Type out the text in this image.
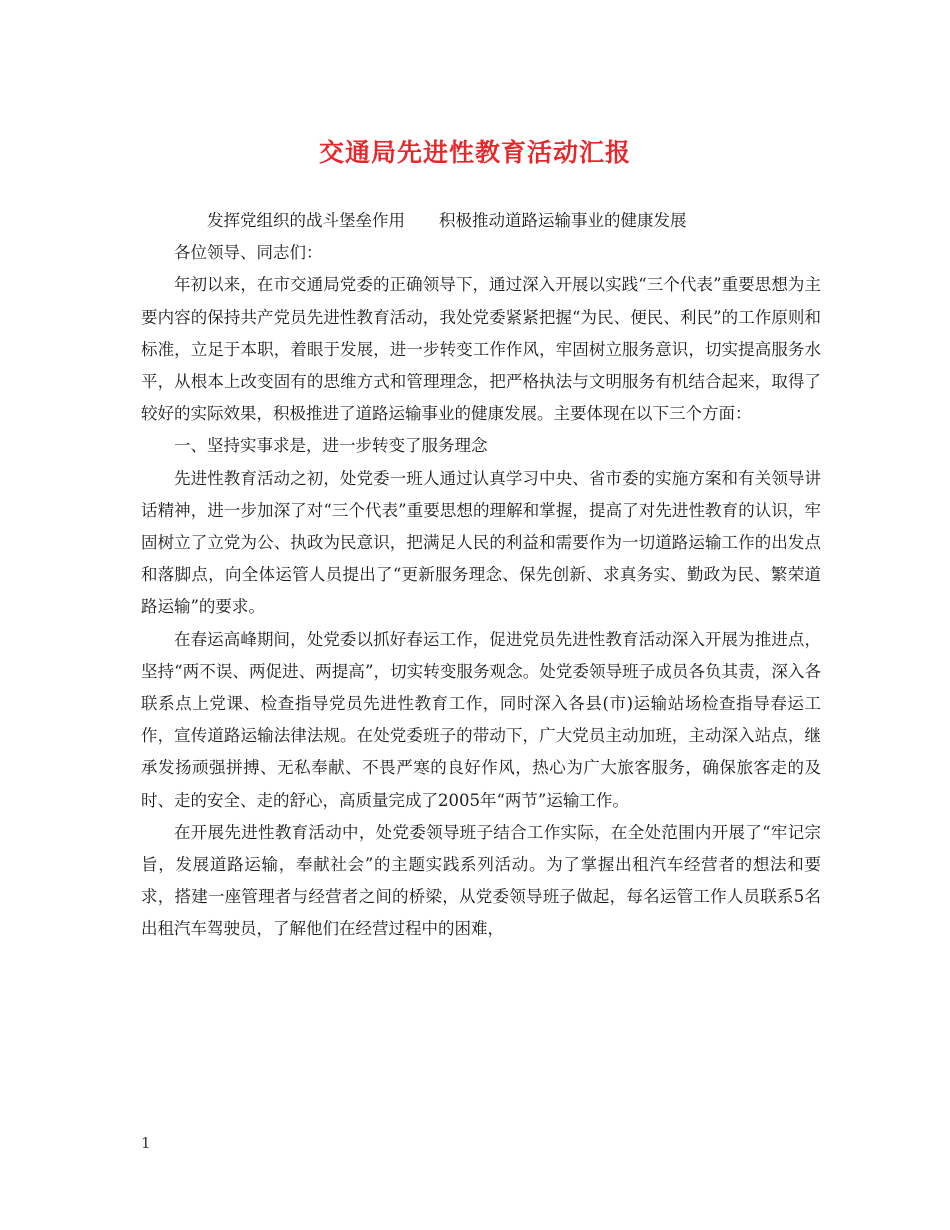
交通局先进性教育活动汇报

发挥党组织的战斗堡垒作用 积极推动道路运输事业的健康发展

各位领导、同志们：

年初以来，在市交通局党委的正确领导下，通过深入开展以实践“三个代表”重要思想为主要内容的保持共产党员先进性教育活动，我处党委紧紧把握“为民、便民、利民”的工作原则和标准，立足于本职，着眼于发展，进一步转变工作作风，牢固树立服务意识，切实提高服务水平，从根本上改变固有的思维方式和管理理念，把严格执法与文明服务有机结合起来，取得了较好的实际效果，积极推进了道路运输事业的健康发展。主要体现在以下三个方面：

一、坚持实事求是，进一步转变了服务理念

先进性教育活动之初，处党委一班人通过认真学习中央、省市委的实施方案和有关领导讲话精神，进一步加深了对“三个代表”重要思想的理解和掌握，提高了对先进性教育的认识，牢固树立了立党为公、执政为民意识，把满足人民的利益和需要作为一切道路运输工作的出发点和落脚点，向全体运管人员提出了“更新服务理念、保先创新、求真务实、勤政为民、繁荣道路运输”的要求。

在春运高峰期间，处党委以抓好春运工作，促进党员先进性教育活动深入开展为推进点，坚持“两不误、两促进、两提高”，切实转变服务观念。处党委领导班子成员各负其责，深入各联系点上党课、检查指导党员先进性教育工作，同时深入各县(市)运输站场检查指导春运工作，宣传道路运输法律法规。在处党委班子的带动下，广大党员主动加班，主动深入站点，继承发扬顽强拼搏、无私奉献、不畏严寒的良好作风，热心为广大旅客服务，确保旅客走的及时、走的安全、走的舒心，高质量完成了2005年“两节”运输工作。

在开展先进性教育活动中，处党委领导班子结合工作实际，在全处范围内开展了“牢记宗旨，发展道路运输，奉献社会”的主题实践系列活动。为了掌握出租汽车经营者的想法和要求，搭建一座管理者与经营者之间的桥梁，从党委领导班子做起，每名运管工作人员联系5名出租汽车驾驶员，了解他们在经营过程中的困难，

1
